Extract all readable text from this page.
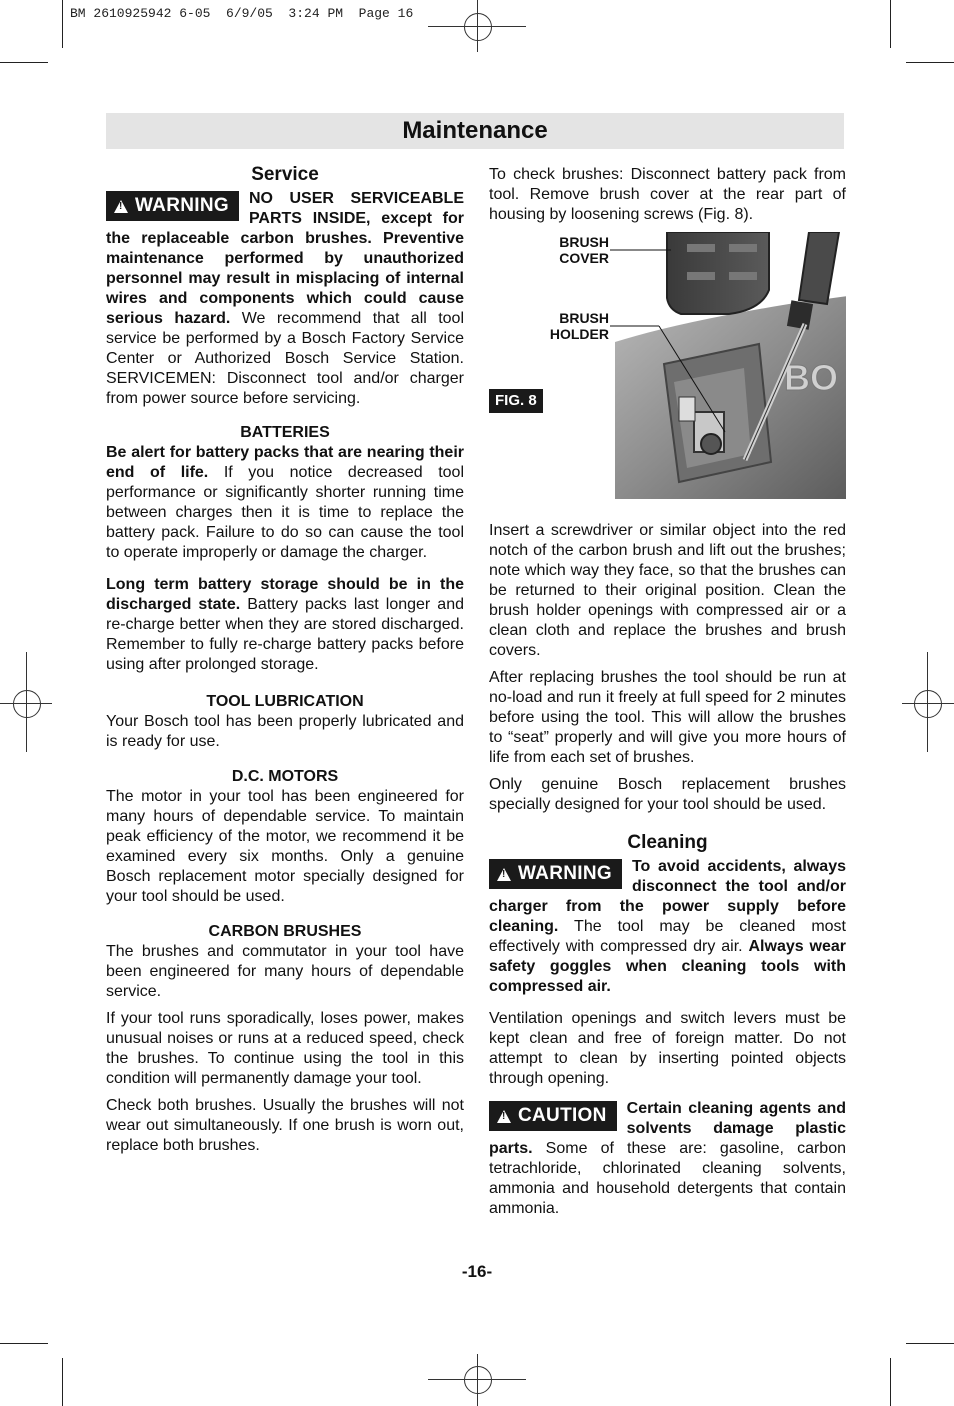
BM 2610925942 6-05  6/9/05  3:24 PM  Page 16
Maintenance
Service

!
WARNING NO USER SERVICEABLE PARTS INSIDE, except for the replaceable carbon brushes. Preventive maintenance performed by unauthorized personnel may result in misplacing of internal wires and components which could cause serious hazard. We recommend that all tool service be performed by a Bosch Factory Service Center or Authorized Bosch Service Station. SERVICEMEN: Disconnect tool and/or charger from power source before servicing.

BATTERIES

Be alert for battery packs that are nearing their end of life. If you notice decreased tool performance or significantly shorter running time between charges then it is time to replace the battery pack. Failure to do so can cause the tool to operate improperly or damage the charger.

Long term battery storage should be in the discharged state. Battery packs last longer and re-charge better when they are stored discharged. Remember to fully re-charge battery packs before using after prolonged storage.

TOOL LUBRICATION

Your Bosch tool has been properly lubricated and is ready for use.

D.C. MOTORS

The motor in your tool has been engineered for many hours of dependable service. To maintain peak efficiency of the motor, we recommend it be examined every six months. Only a genuine Bosch replacement motor specially designed for your tool should be used.

CARBON BRUSHES

The brushes and commutator in your tool have been engineered for many hours of dependable service.

If your tool runs sporadically, loses power, makes unusual noises or runs at a reduced speed, check the brushes. To continue using the tool in this condition will permanently damage your tool.

Check both brushes. Usually the brushes will not wear out simultaneously. If one brush is worn out, replace both brushes.

To check brushes: Disconnect battery pack from tool. Remove brush cover at the rear part of housing by loosening screws (Fig. 8).

BO
BRUSH
COVER
BRUSH
HOLDER
FIG. 8

Insert a screwdriver or similar object into the red notch of the carbon brush and lift out the brushes; note which way they face, so that the brushes can be returned to their original position. Clean the brush holder openings with compressed air or a clean cloth and replace the brushes and brush covers.

After replacing brushes the tool should be run at no-load and run it freely at full speed for 2 minutes before using the tool. This will allow the brushes to “seat” properly and will give you more hours of life from each set of brushes.

Only genuine Bosch replacement brushes specially designed for your tool should be used.

Cleaning

!
WARNING To avoid accidents, always disconnect the tool and/or charger from the power supply before cleaning. The tool may be cleaned most effectively with compressed dry air. Always wear safety goggles when cleaning tools with compressed air.

Ventilation openings and switch levers must be kept clean and free of foreign matter. Do not attempt to clean by inserting pointed objects through opening.

!
CAUTION Certain cleaning agents and solvents damage plastic parts. Some of these are: gasoline, carbon tetrachloride, chlorinated cleaning solvents, ammonia and household detergents that contain ammonia.

-16-
